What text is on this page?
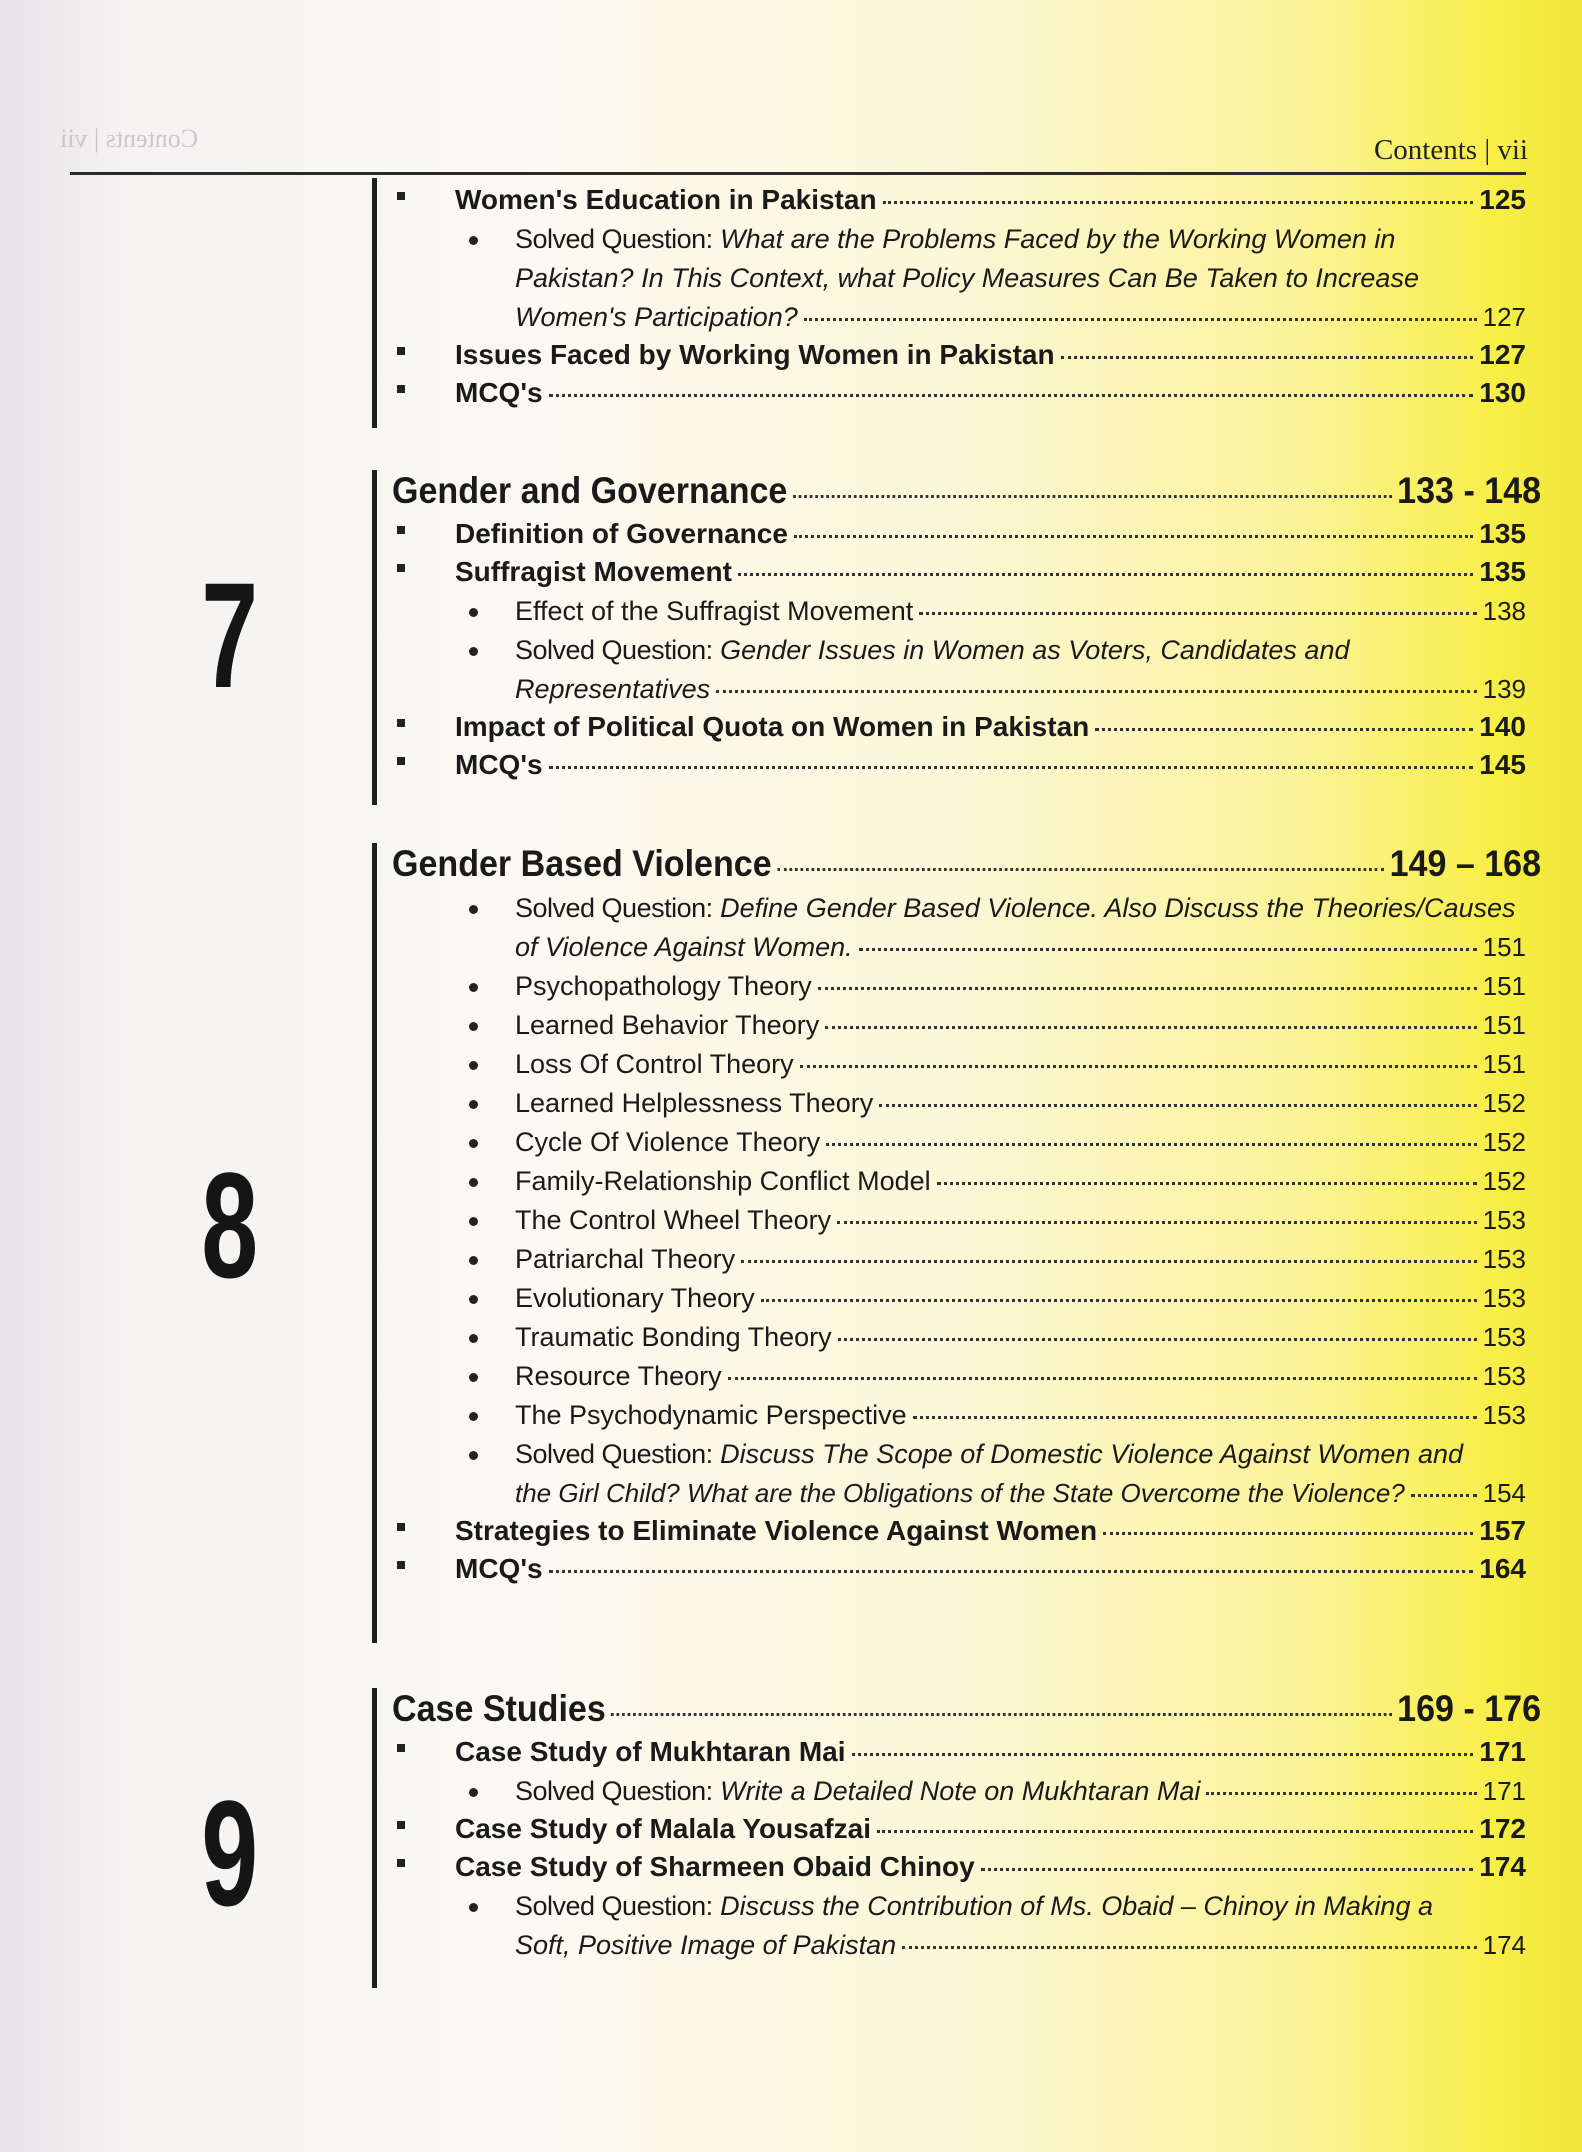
Contents | vii	Contents | vii
Women's Education in Pakistan	125
Solved Question: What are the Problems Faced by the Working Women in
Pakistan? In This Context, what Policy Measures Can Be Taken to Increase
Women's Participation?	127
Issues Faced by Working Women in Pakistan	127
MCQ's	130
7
Gender and Governance	133 - 148
Definition of Governance	135
Suffragist Movement	135
Effect of the Suffragist Movement	138
Solved Question: Gender Issues in Women as Voters, Candidates and
Representatives	139
Impact of Political Quota on Women in Pakistan	140
MCQ's	145
8
Gender Based Violence	149 – 168
Solved Question: Define Gender Based Violence. Also Discuss the Theories/Causes
of Violence Against Women.	151
Psychopathology Theory	151
Learned Behavior Theory	151
Loss Of Control Theory	151
Learned Helplessness Theory	152
Cycle Of Violence Theory	152
Family-Relationship Conflict Model	152
The Control Wheel Theory	153
Patriarchal Theory	153
Evolutionary Theory	153
Traumatic Bonding Theory	153
Resource Theory	153
The Psychodynamic Perspective	153
Solved Question: Discuss The Scope of Domestic Violence Against Women and
the Girl Child? What are the Obligations of the State Overcome the Violence?	154
Strategies to Eliminate Violence Against Women	157
MCQ's	164
9
Case Studies	169 - 176
Case Study of Mukhtaran Mai	171
Solved Question: Write a Detailed Note on Mukhtaran Mai	171
Case Study of Malala Yousafzai	172
Case Study of Sharmeen Obaid Chinoy	174
Solved Question: Discuss the Contribution of Ms. Obaid – Chinoy in Making a
Soft, Positive Image of Pakistan	174
